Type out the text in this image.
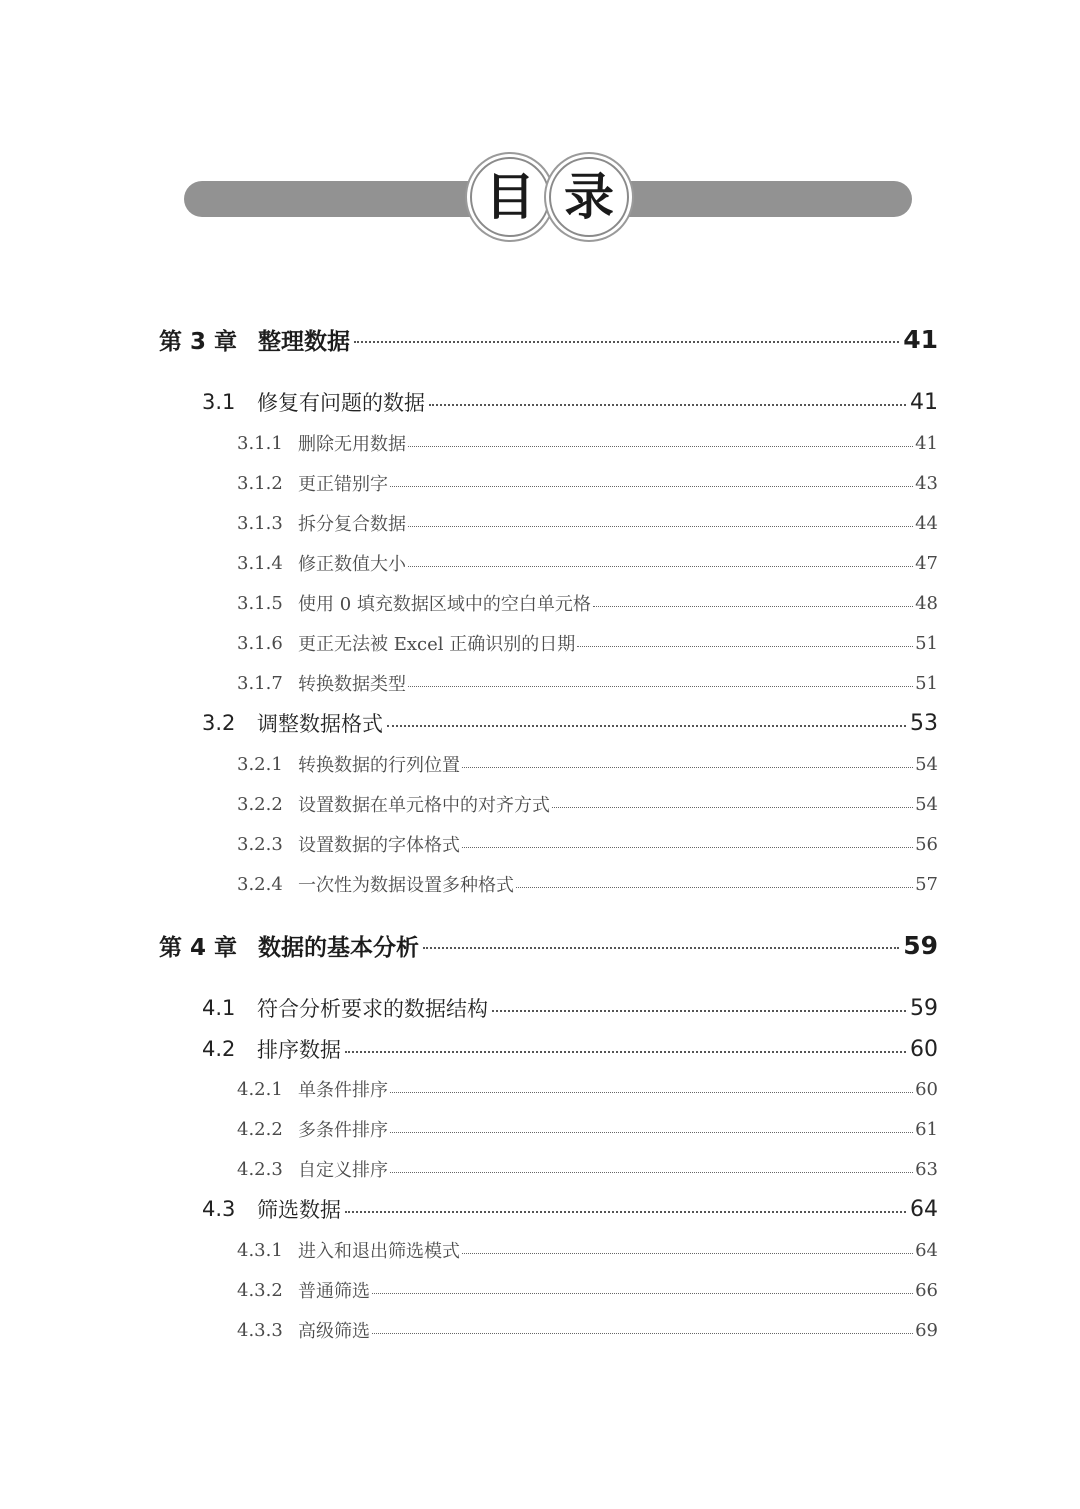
目 录
第 3 章 整理数据	41
3.1	修复有问题的数据	41
3.1.1 删除无用数据	41
3.1.2 更正错别字	43
3.1.3 拆分复合数据	44
3.1.4 修正数值大小	47
3.1.5 使用 0 填充数据区域中的空白单元格	48
3.1.6 更正无法被 Excel 正确识别的日期	51
3.1.7 转换数据类型	51
3.2	调整数据格式	53
3.2.1 转换数据的行列位置	54
3.2.2 设置数据在单元格中的对齐方式	54
3.2.3 设置数据的字体格式	56
3.2.4 一次性为数据设置多种格式	57
第 4 章 数据的基本分析	59
4.1	符合分析要求的数据结构	59
4.2	排序数据	60
4.2.1 单条件排序	60
4.2.2 多条件排序	61
4.2.3 自定义排序	63
4.3	筛选数据	64
4.3.1 进入和退出筛选模式	64
4.3.2 普通筛选	66
4.3.3 高级筛选	69
